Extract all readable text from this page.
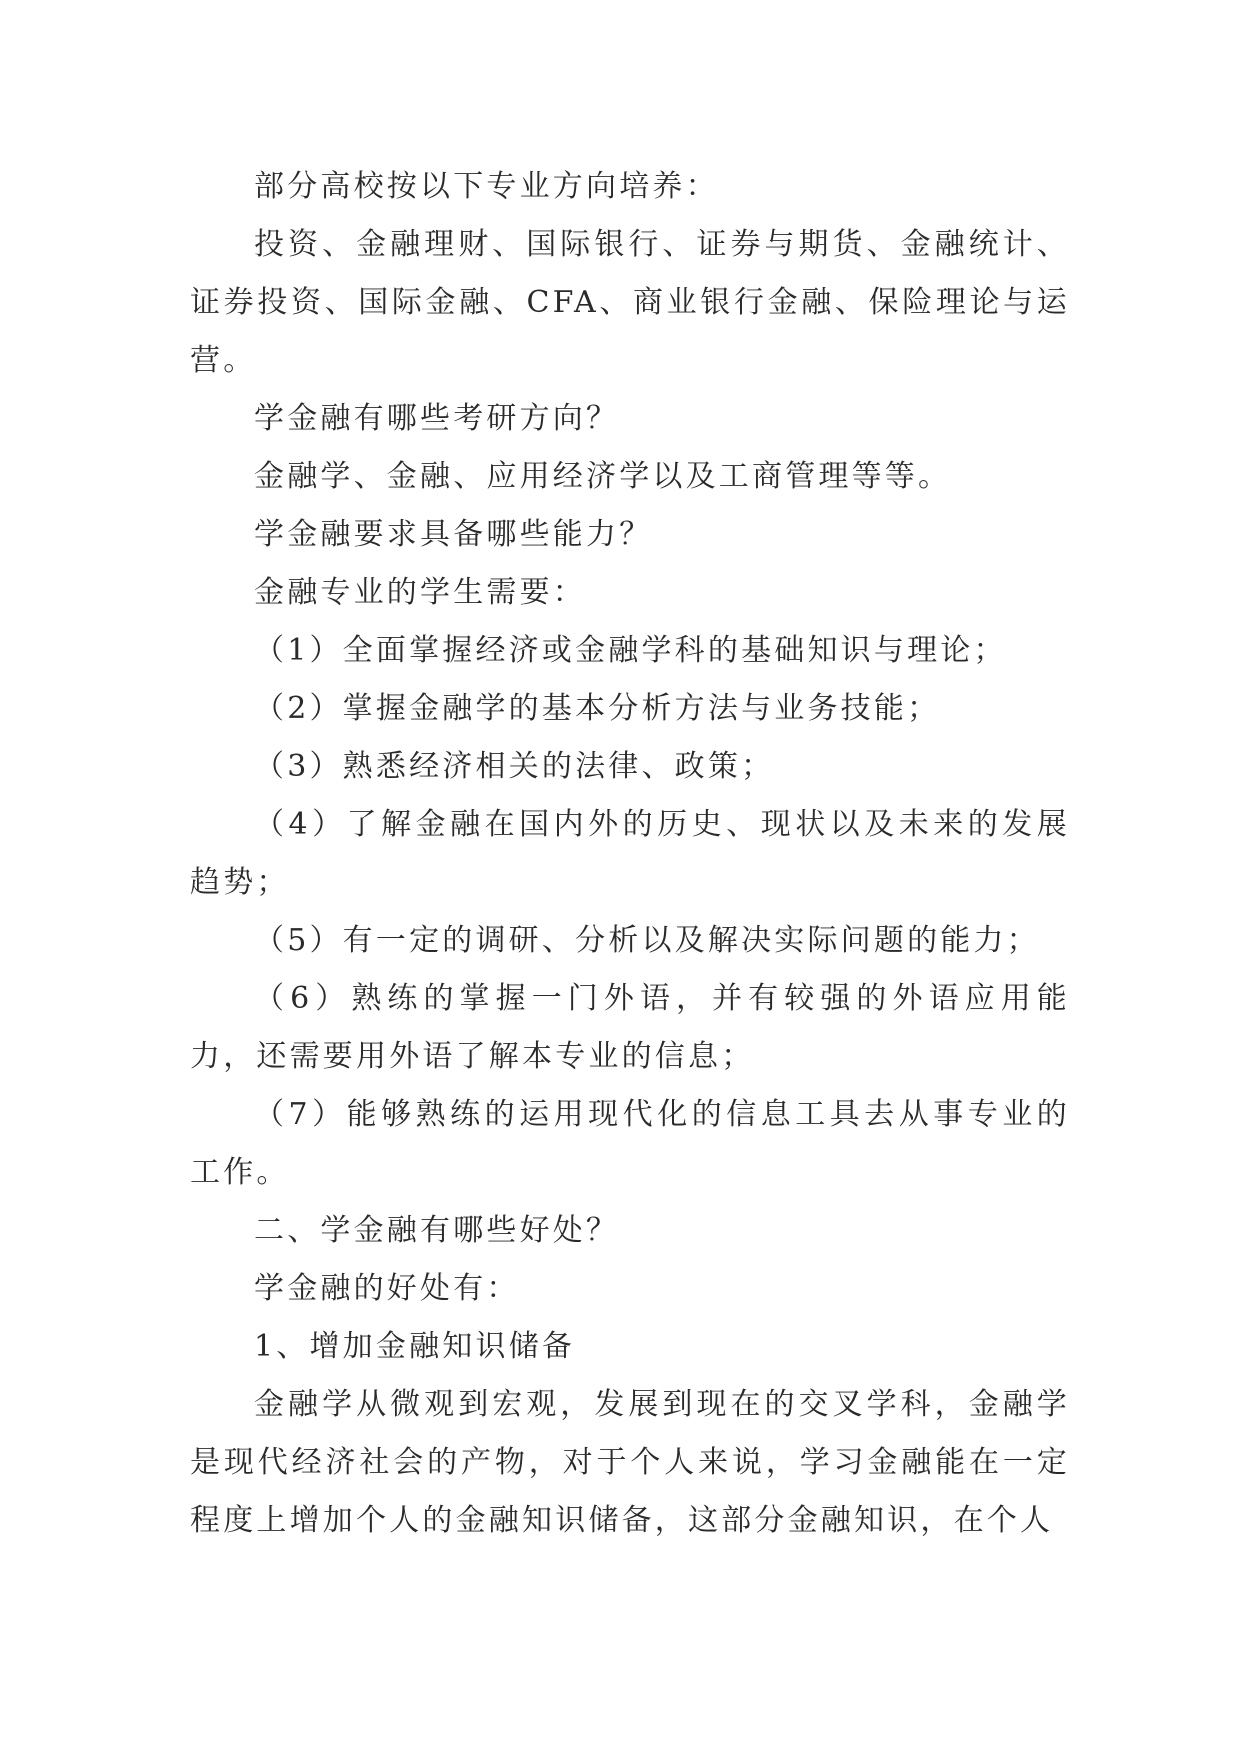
部分高校按以下专业方向培养：

投资、金融理财、国际银行、证券与期货、金融统计、证券投资、国际金融、CFA、商业银行金融、保险理论与运营。

学金融有哪些考研方向？

金融学、金融、应用经济学以及工商管理等等。

学金融要求具备哪些能力？

金融专业的学生需要：

（1）全面掌握经济或金融学科的基础知识与理论；

（2）掌握金融学的基本分析方法与业务技能；

（3）熟悉经济相关的法律、政策；

（4）了解金融在国内外的历史、现状以及未来的发展趋势；

（5）有一定的调研、分析以及解决实际问题的能力；

（6）熟练的掌握一门外语，并有较强的外语应用能力，还需要用外语了解本专业的信息；

（7）能够熟练的运用现代化的信息工具去从事专业的工作。

二、学金融有哪些好处？

学金融的好处有：

1、增加金融知识储备

金融学从微观到宏观，发展到现在的交叉学科，金融学是现代经济社会的产物，对于个人来说，学习金融能在一定程度上增加个人的金融知识储备，这部分金融知识，在个人
